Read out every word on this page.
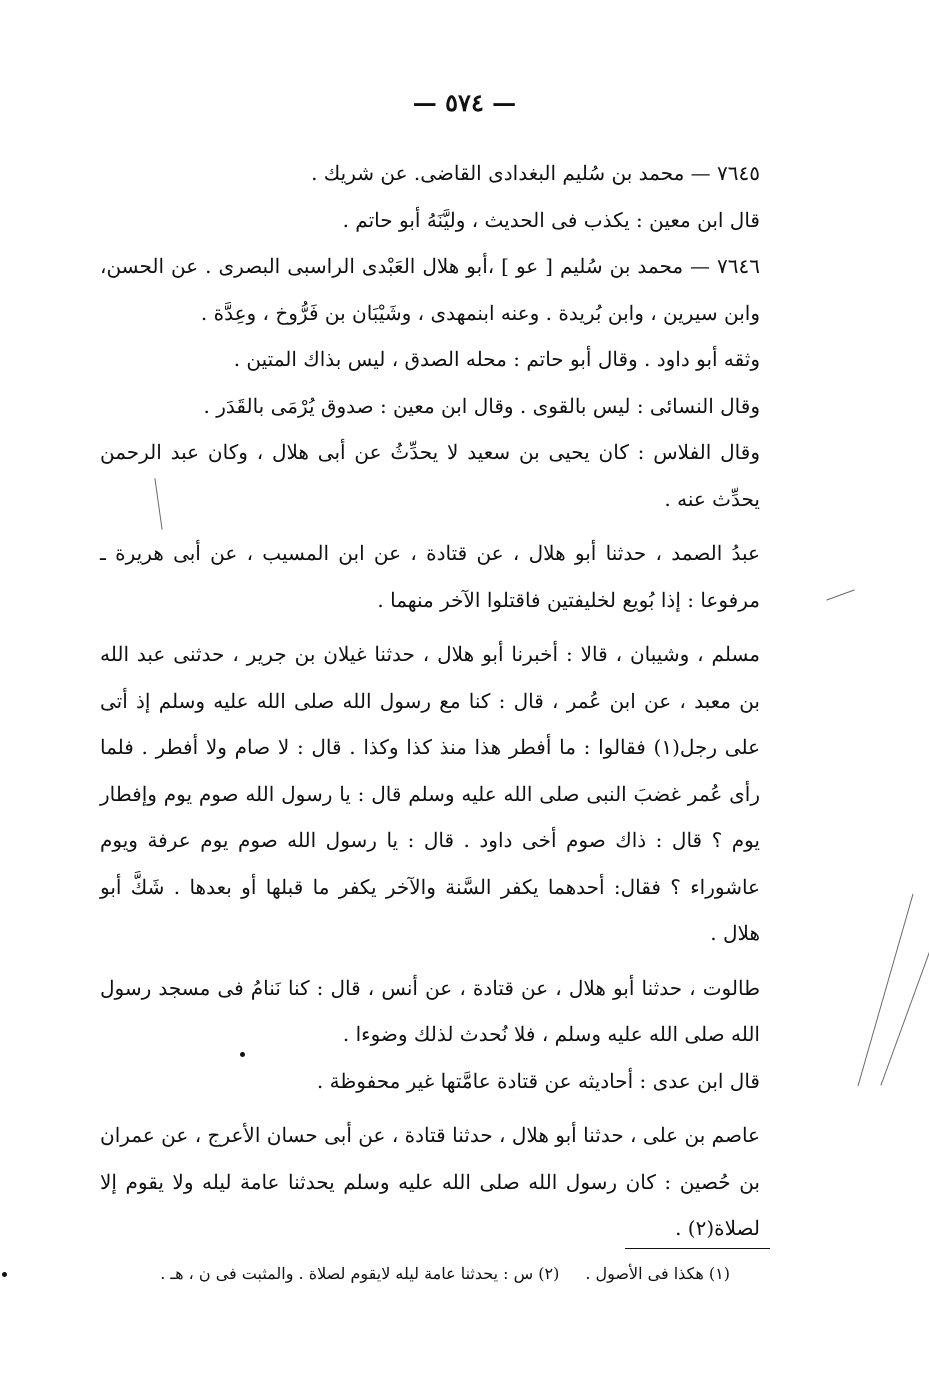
— ٥٧٤ —

٧٦٤٥ — محمد بن سُليم البغدادى القاضى. عن شريك .

قال ابن معين : يكذب فى الحديث ، وليَّنَهُ أبو حاتم .

٧٦٤٦ — محمد بن سُليم [ عو ] ،أبو هلال العَبْدى الراسبى البصرى . عن الحسن، وابن سيرين ، وابن بُريدة . وعنه ابنمهدى ، وشَيْبَان بن فَرُّوخ ، وعِدَّة .

وثقه أبو داود . وقال أبو حاتم : محله الصدق ، ليس بذاك المتين .

وقال النسائى : ليس بالقوى . وقال ابن معين : صدوق يُرْمَى بالقَدَر .

وقال الفلاس : كان يحيى بن سعيد لا يحدِّثُ عن أبى هلال ، وكان عبد الرحمن يحدِّث عنه .

عبدُ الصمد ، حدثنا أبو هلال ، عن قتادة ، عن ابن المسيب ، عن أبى هريرة ـ مرفوعا : إذا بُويع لخليفتين فاقتلوا الآخر منهما .

مسلم ، وشيبان ، قالا : أخبرنا أبو هلال ، حدثنا غيلان بن جرير ، حدثنى عبد الله بن معبد ، عن ابن عُمر ، قال : كنا مع رسول الله صلى الله عليه وسلم إذ أتى على رجل(١) فقالوا : ما أفطر هذا منذ كذا وكذا . قال : لا صام ولا أفطر . فلما رأى عُمر غضبَ النبى صلى الله عليه وسلم قال : يا رسول الله صوم يوم وإفطار يوم ؟ قال : ذاك صوم أخى داود . قال : يا رسول الله صوم يوم عرفة ويوم عاشوراء ؟ فقال: أحدهما يكفر السَّنة والآخر يكفر ما قبلها أو بعدها . شَكَّ أبو هلال .

طالوت ، حدثنا أبو هلال ، عن قتادة ، عن أنس ، قال : كنا نَنامُ فى مسجد رسول الله صلى الله عليه وسلم ، فلا نُحدث لذلك وضوءا .

قال ابن عدى : أحاديثه عن قتادة عامَّتها غير محفوظة .

عاصم بن على ، حدثنا أبو هلال ، حدثنا قتادة ، عن أبى حسان الأعرج ، عن عمران بن حُصين : كان رسول الله صلى الله عليه وسلم يحدثنا عامة ليله ولا يقوم إلا لصلاة(٢) .

(١) هكذا فى الأصول .(٢) س : يحدثنا عامة ليله لايقوم لصلاة . والمثبت فى ن ، هـ .
